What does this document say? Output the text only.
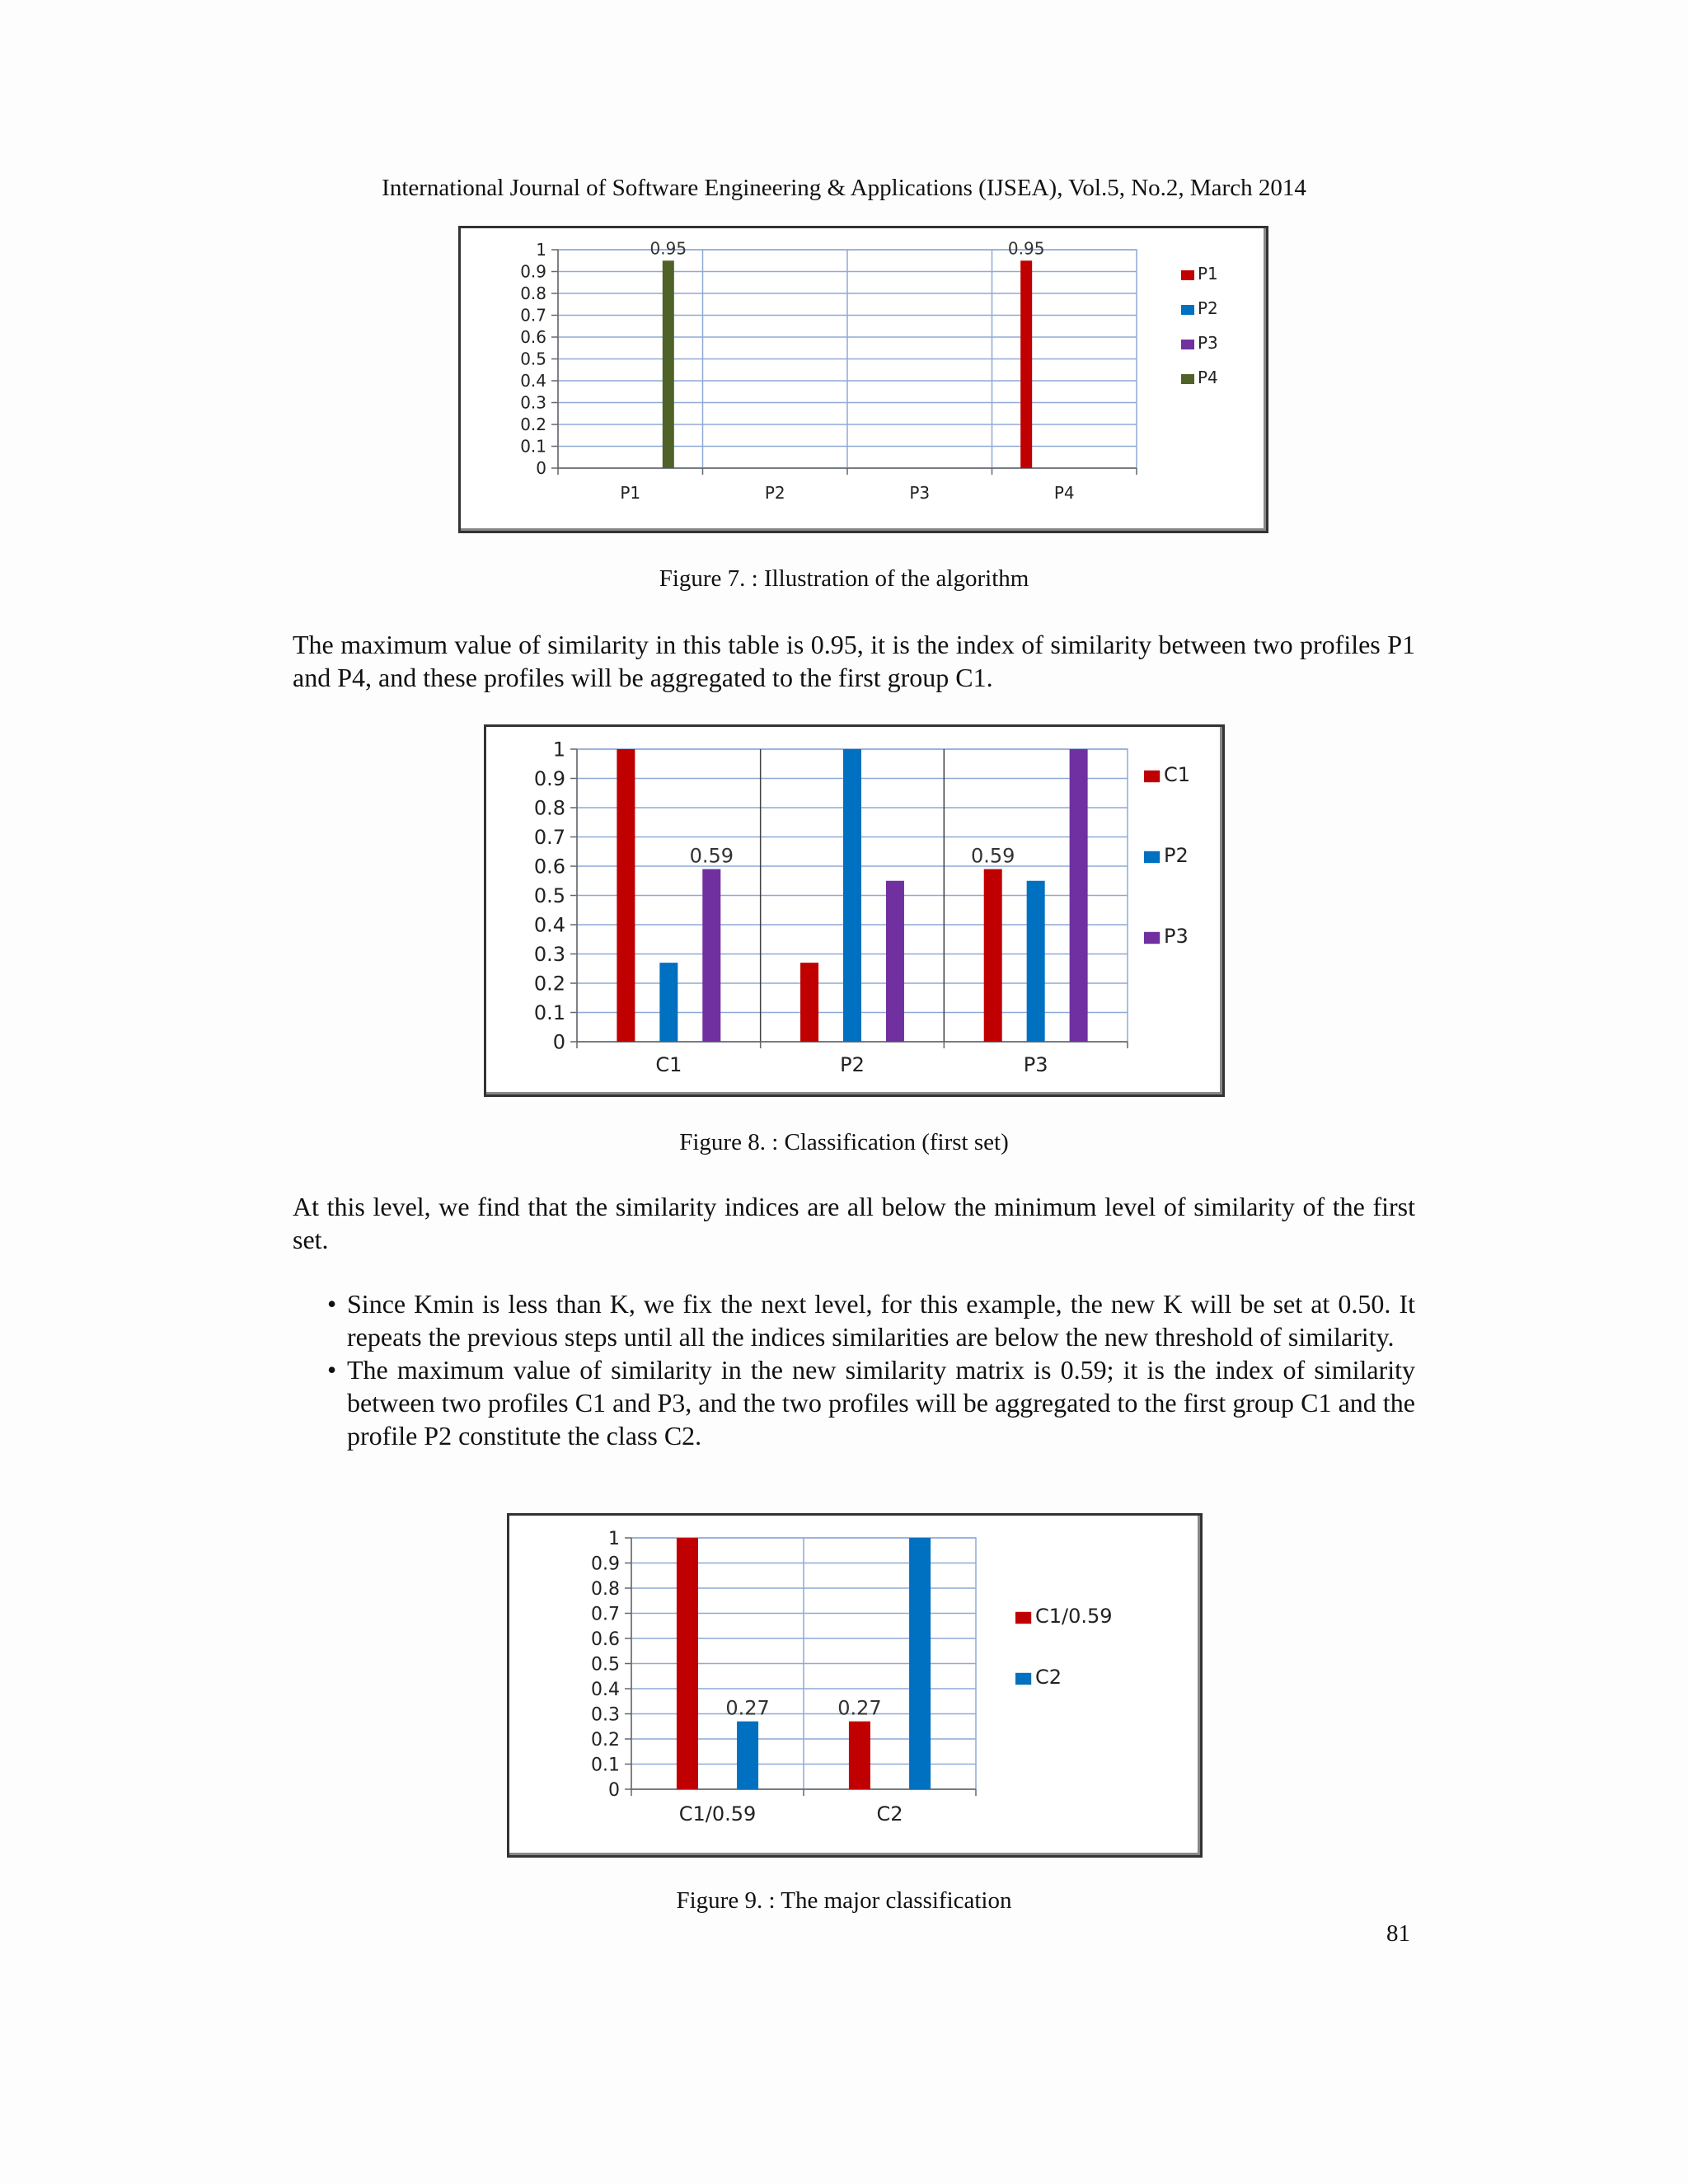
International Journal of Software Engineering & Applications (IJSEA), Vol.5, No.2, March 2014
0
0.1
0.2
0.3
0.4
0.5
0.6
0.7
0.8
0.9
1
P1	P2	P3	P4
0.95	0.95
P1
P2
P3
P4
Figure 7. : Illustration of the algorithm
The maximum value of similarity in this table is 0.95, it is the index of similarity between two profiles P1 and P4, and these profiles will be aggregated to the first group C1.
0
0.1
0.2
0.3
0.4
0.5
0.6
0.7
0.8
0.9
1
C1	P2	P3
0.59	0.59
C1
P2
P3
Figure 8. : Classification (first set)
At this level, we find that the similarity indices are all below the minimum level of similarity of the first set.
• Since Kmin is less than K, we fix the next level, for this example, the new K will be set at 0.50. It repeats the previous steps until all the indices similarities are below the new threshold of similarity.
• The maximum value of similarity in the new similarity matrix is 0.59; it is the index of similarity between two profiles C1 and P3, and the two profiles will be aggregated to the first group C1 and the profile P2 constitute the class C2.
0
0.1
0.2
0.3
0.4
0.5
0.6
0.7
0.8
0.9
1
C1/0.59	C2
0.27	0.27
C1/0.59
C2
Figure 9. : The major classification
81
